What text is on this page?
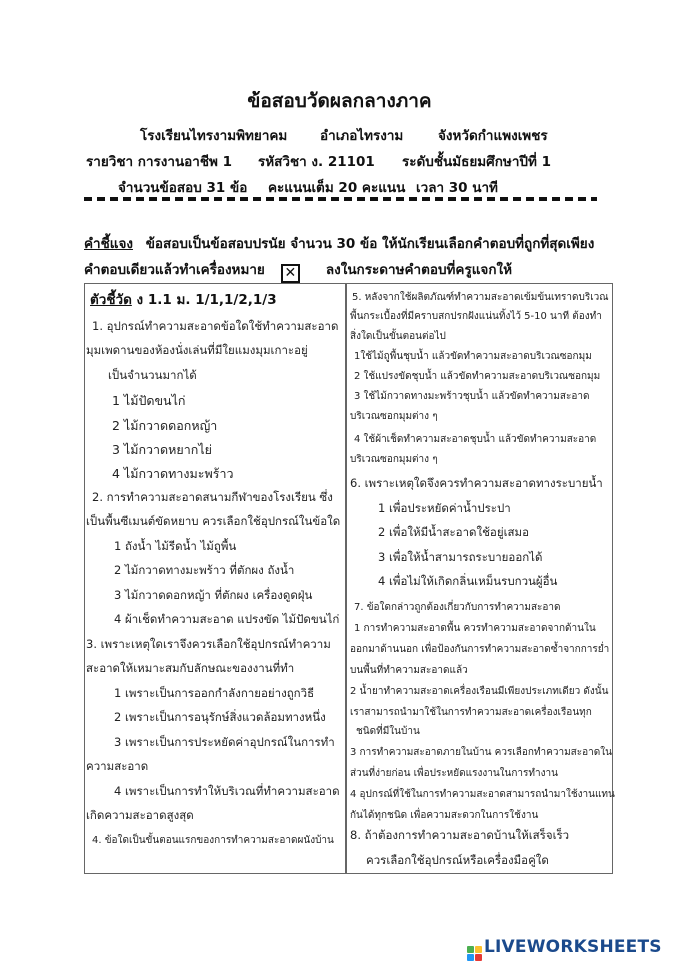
ข้อสอบวัดผลกลางภาค
โรงเรียนไทรงามพิทยาคม อำเภอไทรงาม	จังหวัดกำแพงเพชร
รายวิชา การงานอาชีพ 1 รหัสวิชา ง. 21101 ระดับชั้นมัธยมศึกษาปีที่ 1
จำนวนข้อสอบ 31 ข้อ คะแนนเต็ม 20 คะแนน เวลา 30 นาที
คำชี้แจง ข้อสอบเป็นข้อสอบปรนัย จำนวน 30 ข้อ ให้นักเรียนเลือกคำตอบที่ถูกที่สุดเพียง
คำตอบเดียวแล้วทำเครื่องหมาย ✕ ลงในกระดาษคำตอบที่ครูแจกให้
ตัวชี้วัด ง 1.1 ม. 1/1,1/2,1/3
1. อุปกรณ์ทำความสะอาดข้อใดใช้ทำความสะอาด
มุมเพดานของห้องนั่งเล่นที่มีใยแมงมุมเกาะอยู่
เป็นจำนวนมากได้
1 ไม้ปัดขนไก่
2 ไม้กวาดดอกหญ้า
3 ไม้กวาดหยากไย่
4 ไม้กวาดทางมะพร้าว
2. การทำความสะอาดสนามกีฬาของโรงเรียน ซึ่ง
เป็นพื้นซีเมนต์ขัดหยาบ ควรเลือกใช้อุปกรณ์ในข้อใด
1 ถังน้ำ ไม้รีดน้ำ ไม้ถูพื้น
2 ไม้กวาดทางมะพร้าว ที่ตักผง ถังน้ำ
3 ไม้กวาดดอกหญ้า ที่ตักผง เครื่องดูดฝุ่น
4 ผ้าเช็ดทำความสะอาด แปรงขัด ไม้ปัดขนไก่
3. เพราะเหตุใดเราจึงควรเลือกใช้อุปกรณ์ทำความ
สะอาดให้เหมาะสมกับลักษณะของงานที่ทำ
1 เพราะเป็นการออกกำลังกายอย่างถูกวิธี
2 เพราะเป็นการอนุรักษ์สิ่งแวดล้อมทางหนึ่ง
3 เพราะเป็นการประหยัดค่าอุปกรณ์ในการทำ
ความสะอาด
4 เพราะเป็นการทำให้บริเวณที่ทำความสะอาด
เกิดความสะอาดสูงสุด
4. ข้อใดเป็นขั้นตอนแรกของการทำความสะอาดผนังบ้าน
5. หลังจากใช้ผลิตภัณฑ์ทำความสะอาดเข้มข้นเทราดบริเวณ
พื้นกระเบื้องที่มีคราบสกปรกฝังแน่นทิ้งไว้ 5-10 นาที ต้องทำ
สิ่งใดเป็นขั้นตอนต่อไป
1ใช้ไม้ถูพื้นชุบน้ำ แล้วขัดทำความสะอาดบริเวณซอกมุม
2 ใช้แปรงขัดชุบน้ำ แล้วขัดทำความสะอาดบริเวณซอกมุม
3 ใช้ไม้กวาดทางมะพร้าวชุบน้ำ แล้วขัดทำความสะอาด
บริเวณซอกมุมต่าง ๆ
4 ใช้ผ้าเช็ดทำความสะอาดชุบน้ำ แล้วขัดทำความสะอาด
บริเวณซอกมุมต่าง ๆ
6. เพราะเหตุใดจึงควรทำความสะอาดทางระบายน้ำ
1 เพื่อประหยัดค่าน้ำประปา
2 เพื่อให้มีน้ำสะอาดใช้อยู่เสมอ
3 เพื่อให้น้ำสามารถระบายออกได้
4 เพื่อไม่ให้เกิดกลิ่นเหม็นรบกวนผู้อื่น
7. ข้อใดกล่าวถูกต้องเกี่ยวกับการทำความสะอาด
1 การทำความสะอาดพื้น ควรทำความสะอาดจากด้านใน
ออกมาด้านนอก เพื่อป้องกันการทำความสะอาดซ้ำจากการย่ำ
บนพื้นที่ทำความสะอาดแล้ว
2 น้ำยาทำความสะอาดเครื่องเรือนมีเพียงประเภทเดียว ดังนั้น
เราสามารถนำมาใช้ในการทำความสะอาดเครื่องเรือนทุก
ชนิดที่มีในบ้าน
3 การทำความสะอาดภายในบ้าน ควรเลือกทำความสะอาดใน
ส่วนที่ง่ายก่อน เพื่อประหยัดแรงงานในการทำงาน
4 อุปกรณ์ที่ใช้ในการทำความสะอาดสามารถนำมาใช้งานแทน
กันได้ทุกชนิด เพื่อความสะดวกในการใช้งาน
8. ถ้าต้องการทำความสะอาดบ้านให้เสร็จเร็ว
ควรเลือกใช้อุปกรณ์หรือเครื่องมือคู่ใด
LIVEWORKSHEETS
